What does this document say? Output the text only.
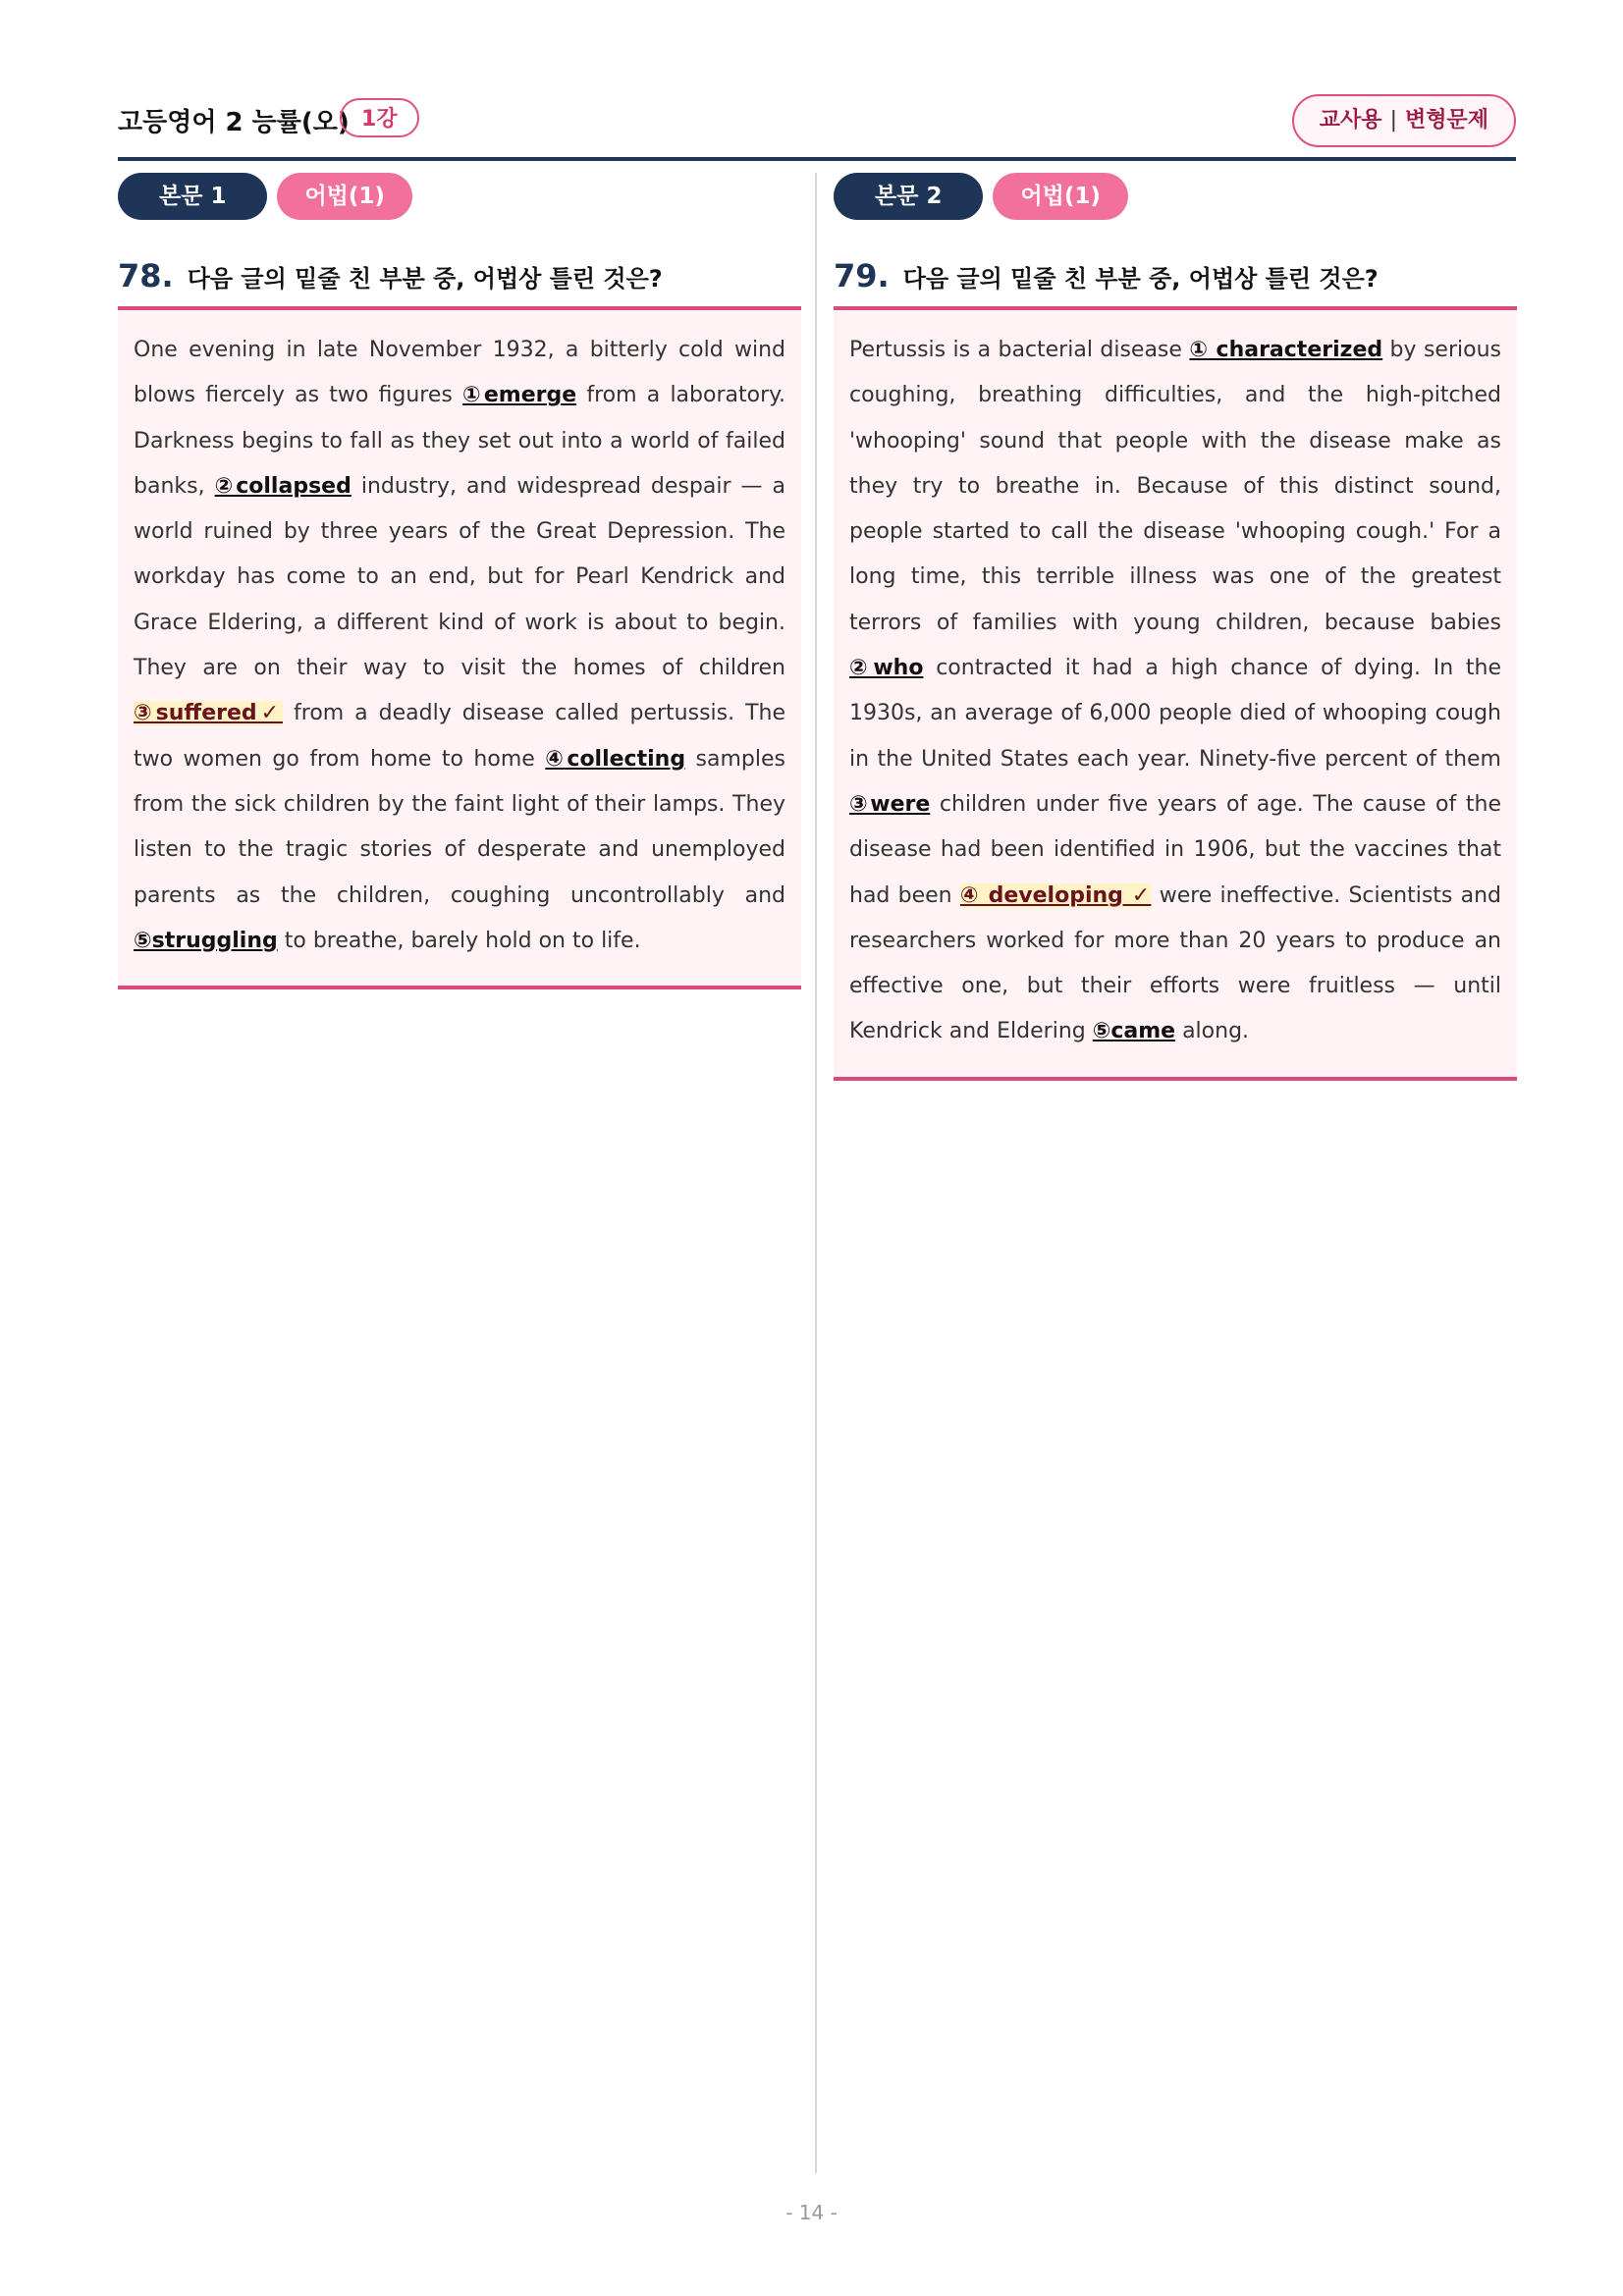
고등영어 2 능률(오) 1강	교사용 | 변형문제
본문 1	어법(1)
78. 다음 글의 밑줄 친 부분 중, 어법상 틀린 것은?
One evening in late November 1932, a bitterly cold wind blows fiercely as two figures ①emerge from a laboratory. Darkness begins to fall as they set out into a world of failed banks, ②collapsed industry, and widespread despair — a world ruined by three years of the Great Depression. The workday has come to an end, but for Pearl Kendrick and Grace Eldering, a different kind of work is about to begin. They are on their way to visit the homes of children ③suffered✓ from a deadly disease called pertussis. The two women go from home to home ④collecting samples from the sick children by the faint light of their lamps. They listen to the tragic stories of desperate and unemployed parents as the children, coughing uncontrollably and ⑤struggling to breathe, barely hold on to life.
본문 2	어법(1)
79. 다음 글의 밑줄 친 부분 중, 어법상 틀린 것은?
Pertussis is a bacterial disease ① characterized by serious coughing, breathing difficulties, and the high-pitched 'whooping' sound that people with the disease make as they try to breathe in. Because of this distinct sound, people started to call the disease 'whooping cough.' For a long time, this terrible illness was one of the greatest terrors of families with young children, because babies ②who contracted it had a high chance of dying. In the 1930s, an average of 6,000 people died of whooping cough in the United States each year. Ninety-five percent of them ③were children under five years of age. The cause of the disease had been identified in 1906, but the vaccines that had been ④ developing ✓ were ineffective. Scientists and researchers worked for more than 20 years to produce an effective one, but their efforts were fruitless — until Kendrick and Eldering ⑤came along.
- 14 -
